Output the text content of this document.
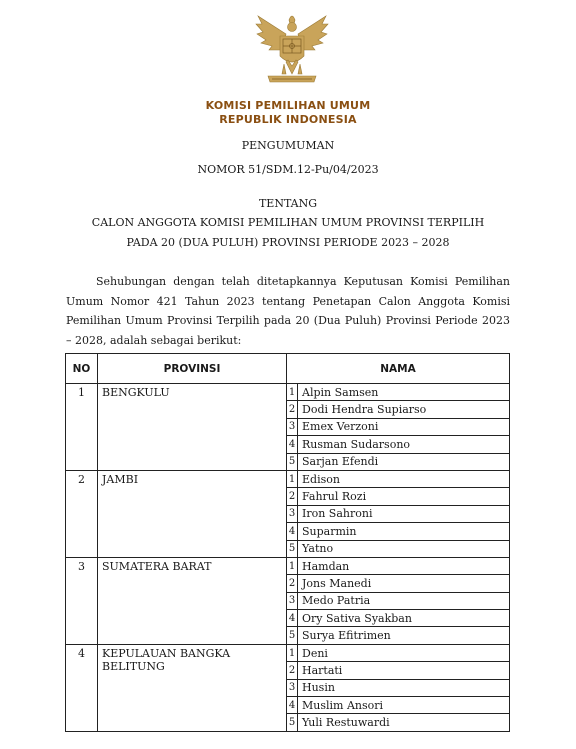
KOMISI PEMILIHAN UMUM
REPUBLIK INDONESIA
PENGUMUMAN
NOMOR 51/SDM.12-Pu/04/2023
TENTANG
CALON ANGGOTA KOMISI PEMILIHAN UMUM PROVINSI TERPILIH
PADA 20 (DUA PULUH) PROVINSI PERIODE 2023 – 2028
Sehubungan dengan telah ditetapkannya Keputusan Komisi Pemilihan Umum Nomor 421 Tahun 2023 tentang Penetapan Calon Anggota Komisi Pemilihan Umum Provinsi Terpilih pada 20 (Dua Puluh) Provinsi Periode 2023 – 2028, adalah sebagai berikut:
NO	PROVINSI	NAMA	
1	BENGKULU	1	Alpin Samsen
		2	Dodi Hendra Supiarso
		3	Emex Verzoni
		4	Rusman Sudarsono
		5	Sarjan Efendi
2	JAMBI	1	Edison
		2	Fahrul Rozi
		3	Iron Sahroni
		4	Suparmin
		5	Yatno
3	SUMATERA BARAT	1	Hamdan
		2	Jons Manedi
		3	Medo Patria
		4	Ory Sativa Syakban
		5	Surya Efitrimen
4	KEPULAUAN BANGKA BELITUNG	1	Deni
		2	Hartati
		3	Husin
		4	Muslim Ansori
		5	Yuli Restuwardi
